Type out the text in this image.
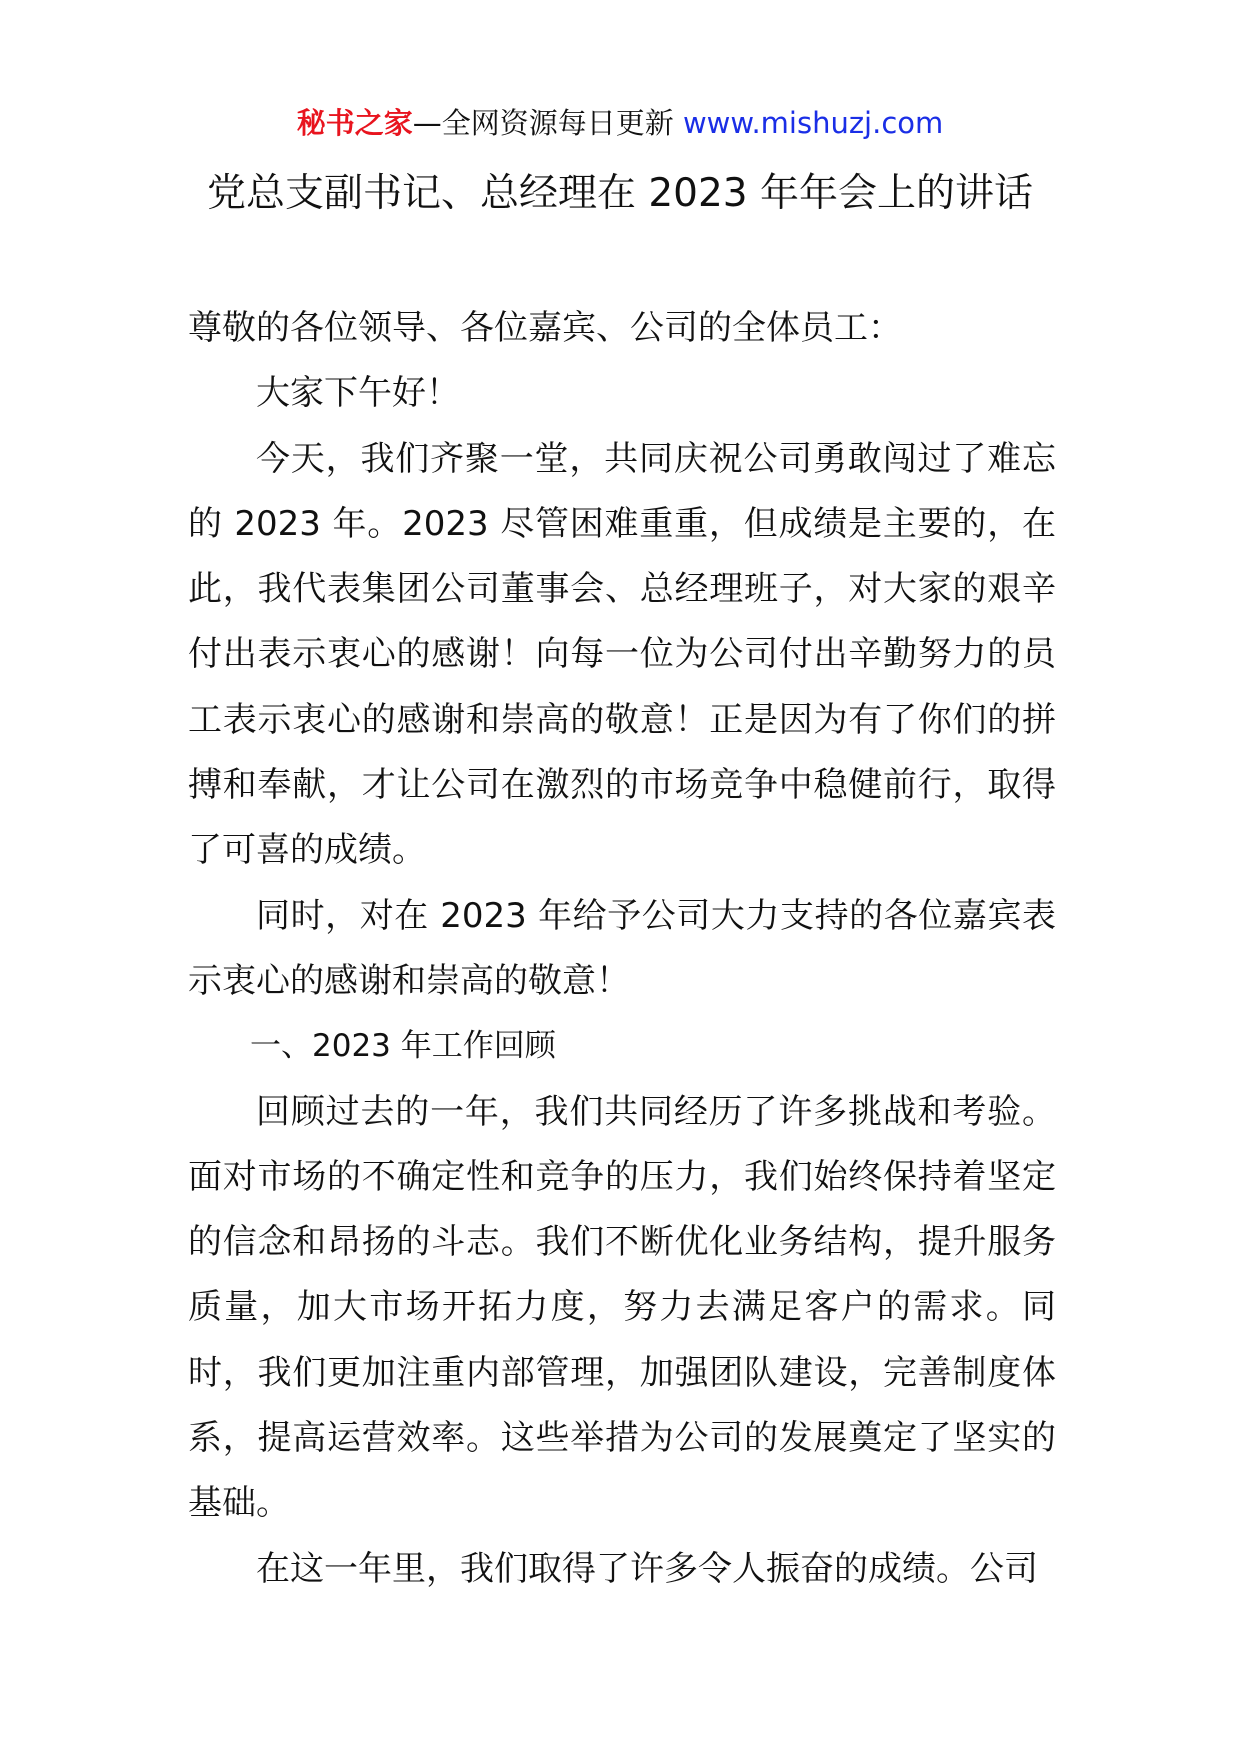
秘书之家—全网资源每日更新 www.mishuzj.com
党总支副书记、总经理在 2023 年年会上的讲话

尊敬的各位领导、各位嘉宾、公司的全体员工：

大家下午好！

今天，我们齐聚一堂，共同庆祝公司勇敢闯过了难忘的 2023 年。2023 尽管困难重重，但成绩是主要的，在此，我代表集团公司董事会、总经理班子，对大家的艰辛付出表示衷心的感谢！向每一位为公司付出辛勤努力的员工表示衷心的感谢和崇高的敬意！正是因为有了你们的拼搏和奉献，才让公司在激烈的市场竞争中稳健前行，取得了可喜的成绩。

同时，对在 2023 年给予公司大力支持的各位嘉宾表示衷心的感谢和崇高的敬意！

一、2023 年工作回顾

回顾过去的一年，我们共同经历了许多挑战和考验。面对市场的不确定性和竞争的压力，我们始终保持着坚定的信念和昂扬的斗志。我们不断优化业务结构，提升服务质量，加大市场开拓力度，努力去满足客户的需求。同时，我们更加注重内部管理，加强团队建设，完善制度体系，提高运营效率。这些举措为公司的发展奠定了坚实的基础。

在这一年里，我们取得了许多令人振奋的成绩。公司
